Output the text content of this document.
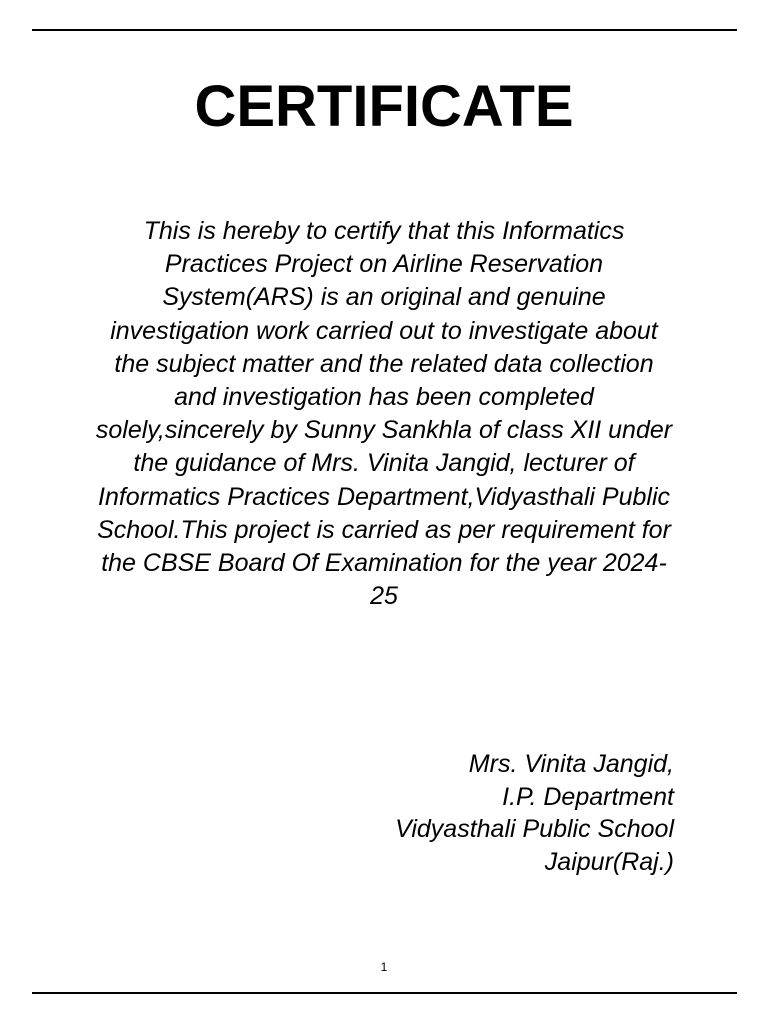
CERTIFICATE

This is hereby to certify that this Informatics Practices Project on Airline Reservation System(ARS) is an original and genuine investigation work carried out to investigate about the subject matter and the related data collection and investigation has been completed solely,sincerely by Sunny Sankhla of class XII under the guidance of Mrs. Vinita Jangid, lecturer of Informatics Practices Department,Vidyasthali Public School.This project is carried as per requirement for the CBSE Board Of Examination for the year 2024-25

Mrs. Vinita Jangid,
I.P. Department
Vidyasthali Public School
Jaipur(Raj.)
1
